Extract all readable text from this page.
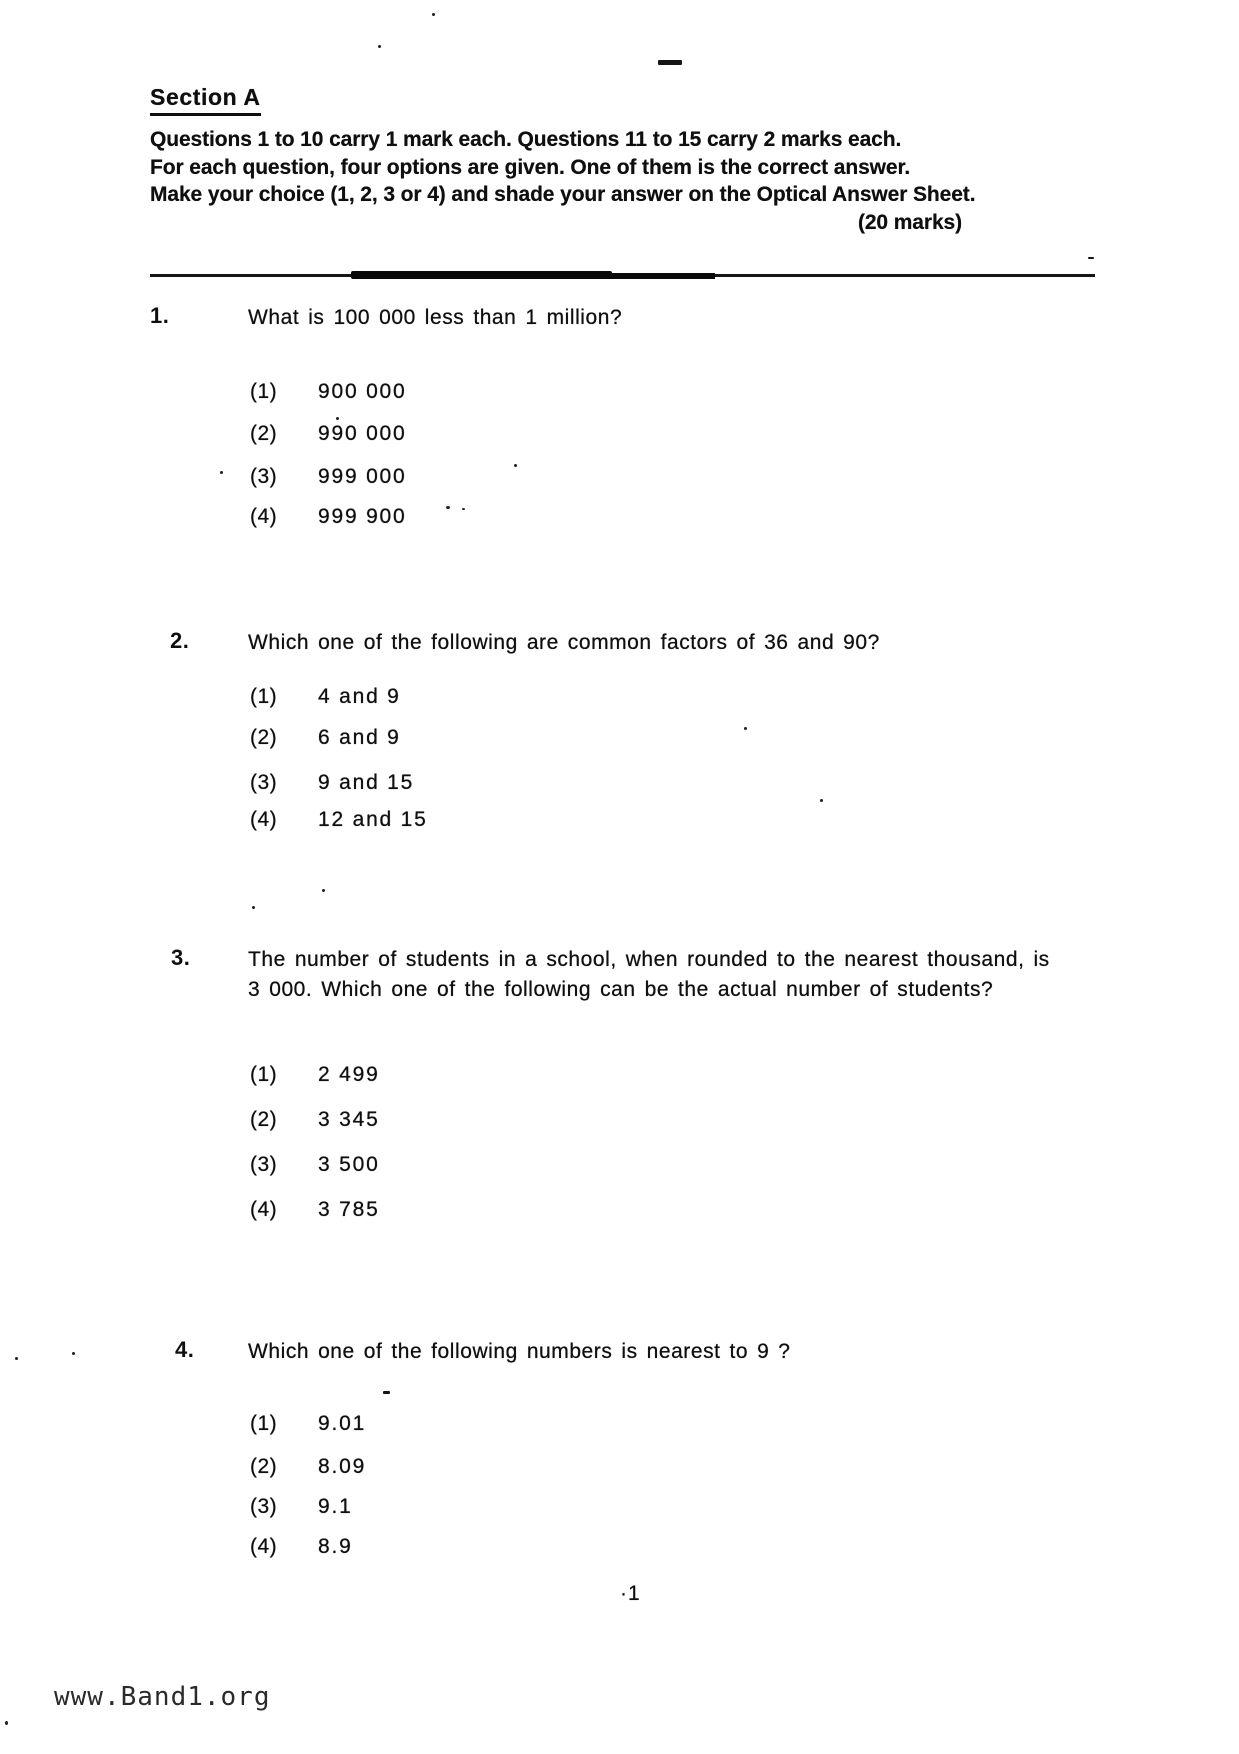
Section A
Questions 1 to 10 carry 1 mark each. Questions 11 to 15 carry 2 marks each.
For each question, four options are given. One of them is the correct answer.
Make your choice (1, 2, 3 or 4) and shade your answer on the Optical Answer Sheet.
(20 marks)
1.	What is 100 000 less than 1 million?
(1) 900 000
(2) 990 000
(3) 999 000
(4) 999 900
2.	Which one of the following are common factors of 36 and 90?
(1) 4 and 9
(2) 6 and 9
(3) 9 and 15
(4) 12 and 15
3.	The number of students in a school, when rounded to the nearest thousand, is
3 000. Which one of the following can be the actual number of students?
(1) 2 499
(2) 3 345
(3) 3 500
(4) 3 785
4.	Which one of the following numbers is nearest to 9 ?
(1) 9.01
(2) 8.09
(3) 9.1
(4) 8.9
·1
www.Band1.org
